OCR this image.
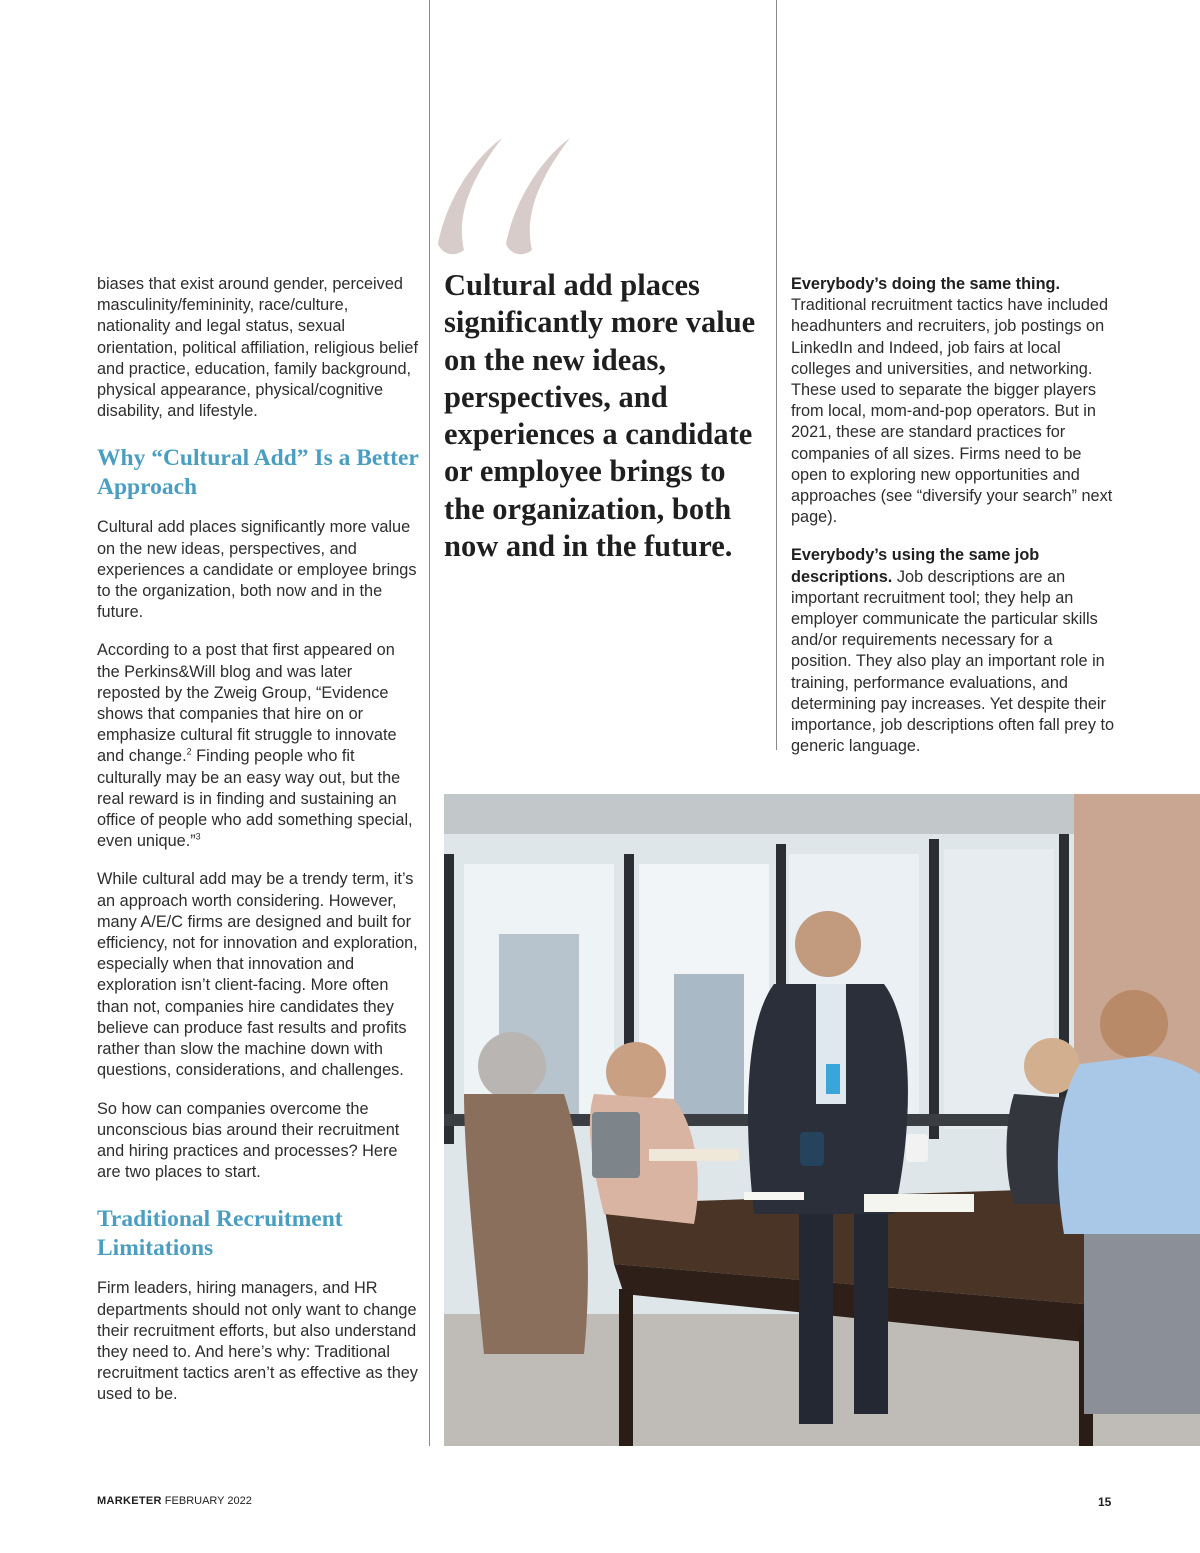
biases that exist around gender, perceived masculinity/femininity, race/culture, nationality and legal status, sexual orientation, political affiliation, religious belief and practice, education, family background, physical appearance, physical/cognitive disability, and lifestyle.

Why “Cultural Add” Is a Better Approach

Cultural add places significantly more value on the new ideas, perspectives, and experiences a candidate or employee brings to the organization, both now and in the future.

According to a post that first appeared on the Perkins&Will blog and was later reposted by the Zweig Group, “Evidence shows that companies that hire on or emphasize cultural fit struggle to innovate and change.$^2$ Finding people who fit culturally may be an easy way out, but the real reward is in finding and sustaining an office of people who add something special, even unique.”$^3$

While cultural add may be a trendy term, it’s an approach worth considering. However, many A/E/C firms are designed and built for efficiency, not for innovation and exploration, especially when that innovation and exploration isn’t client-facing. More often than not, companies hire candidates they believe can produce fast results and profits rather than slow the machine down with questions, considerations, and challenges.

So how can companies overcome the unconscious bias around their recruitment and hiring practices and processes? Here are two places to start.

Traditional Recruitment Limitations

Firm leaders, hiring managers, and HR departments should not only want to change their recruitment efforts, but also understand they need to. And here’s why: Traditional recruitment tactics aren’t as effective as they used to be.

Cultural add places significantly more value on the new ideas, perspectives, and experiences a candidate or employee brings to the organization, both now and in the future.

Everybody’s doing the same thing. Traditional recruitment tactics have included headhunters and recruiters, job postings on LinkedIn and Indeed, job fairs at local colleges and universities, and networking. These used to separate the bigger players from local, mom-and-pop operators. But in 2021, these are standard practices for companies of all sizes. Firms need to be open to exploring new opportunities and approaches (see “diversify your search” next page).

Everybody’s using the same job descriptions. Job descriptions are an important recruitment tool; they help an employer communicate the particular skills and/or requirements necessary for a position. They also play an important role in training, performance evaluations, and determining pay increases. Yet despite their importance, job descriptions often fall prey to generic language.

MARKETER FEBRUARY 2022	15
